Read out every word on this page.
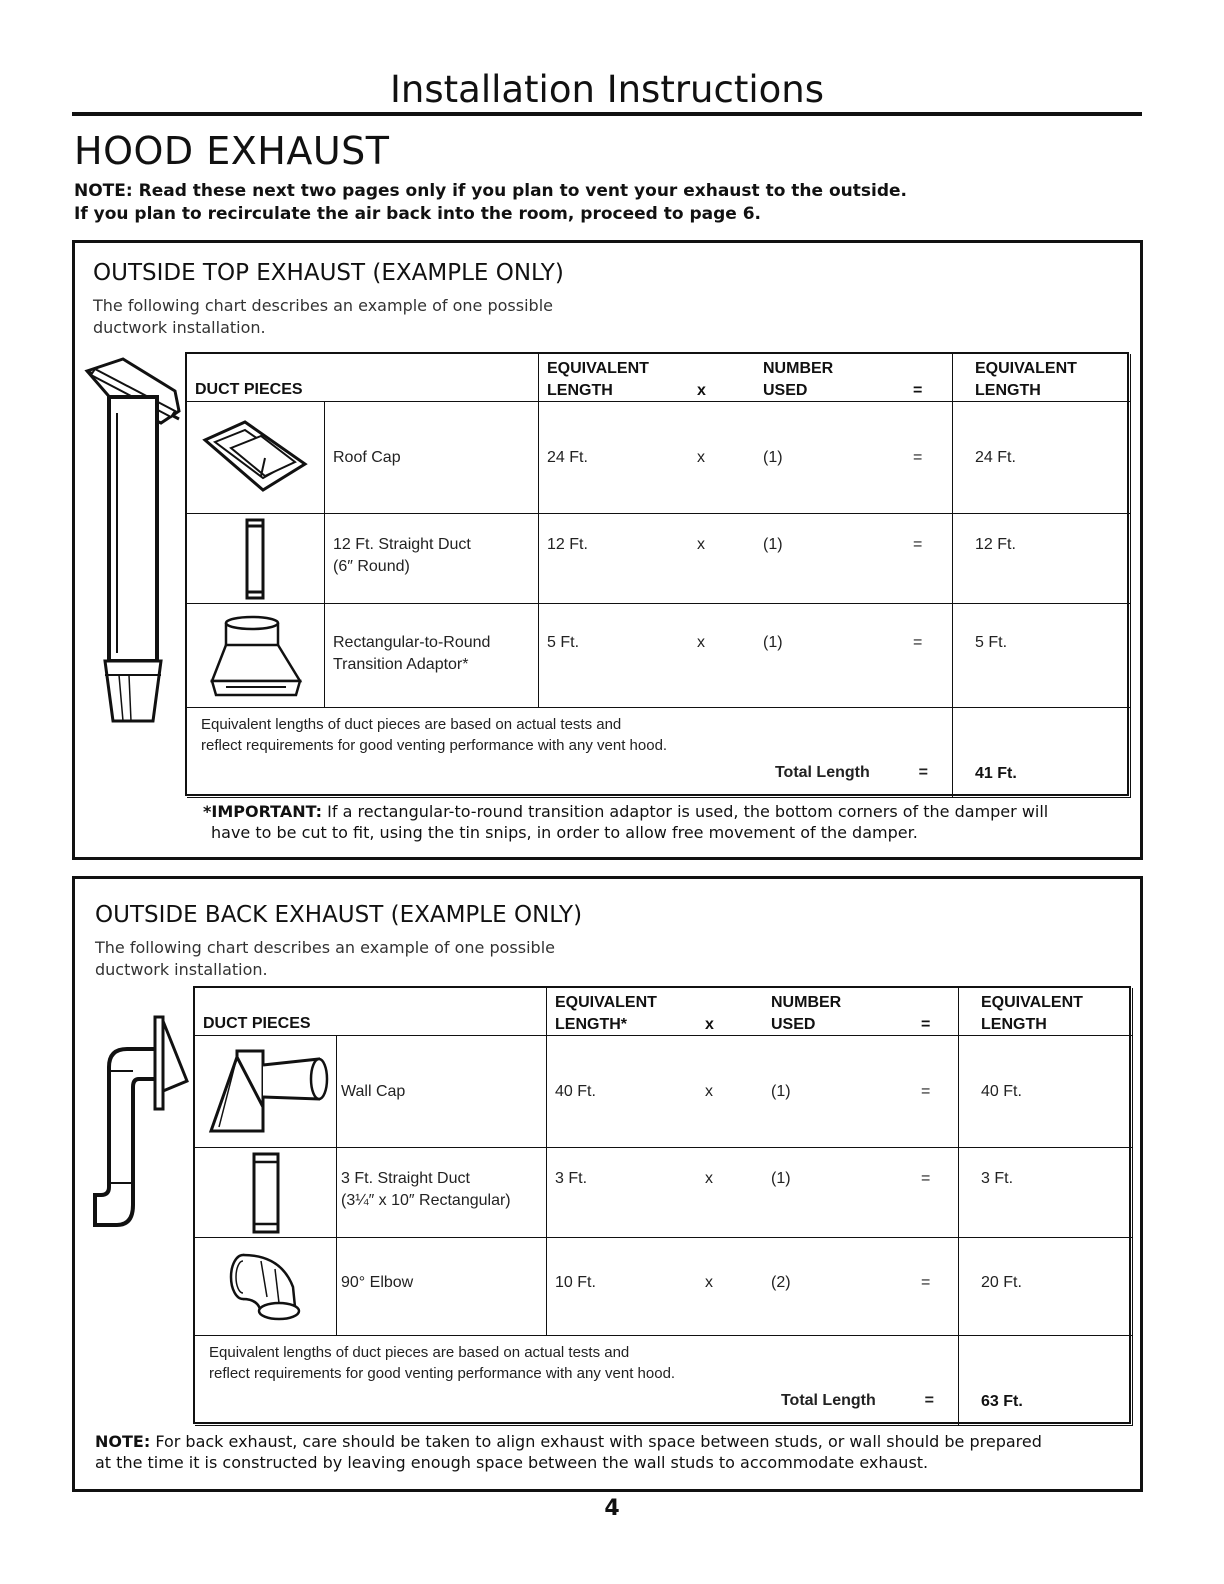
Installation Instructions
HOOD EXHAUST
NOTE: Read these next two pages only if you plan to vent your exhaust to the outside.
If you plan to recirculate the air back into the room, proceed to page 6.
OUTSIDE TOP EXHAUST (EXAMPLE ONLY)
The following chart describes an example of one possible
ductwork installation.
DUCT PIECES
EQUIVALENT	NUMBER
LENGTH	x	USED	=
EQUIVALENT
LENGTH
Roof Cap	24 Ft.	x	(1)	=	24 Ft.
12 Ft. Straight Duct
(6″ Round)
12 Ft.	x	(1)	=	12 Ft.
Rectangular-to-Round
Transition Adaptor*
5 Ft.	x	(1)	=	5 Ft.
Equivalent lengths of duct pieces are based on actual tests and
reflect requirements for good venting performance with any vent hood.
Total Length	=	41 Ft.
*IMPORTANT: If a rectangular-to-round transition adaptor is used, the bottom corners of the damper will
have to be cut to fit, using the tin snips, in order to allow free movement of the damper.
OUTSIDE BACK EXHAUST (EXAMPLE ONLY)
The following chart describes an example of one possible
ductwork installation.
DUCT PIECES
EQUIVALENT	NUMBER
LENGTH*	x	USED	=
EQUIVALENT
LENGTH
Wall Cap	40 Ft.	x	(1)	=	40 Ft.
3 Ft. Straight Duct
(3¼″ x 10″ Rectangular)
3 Ft.	x	(1)	=	3 Ft.
90° Elbow	10 Ft.	x	(2)	=	20 Ft.
Equivalent lengths of duct pieces are based on actual tests and
reflect requirements for good venting performance with any vent hood.
Total Length	=	63 Ft.
NOTE: For back exhaust, care should be taken to align exhaust with space between studs, or wall should be prepared
at the time it is constructed by leaving enough space between the wall studs to accommodate exhaust.
4
